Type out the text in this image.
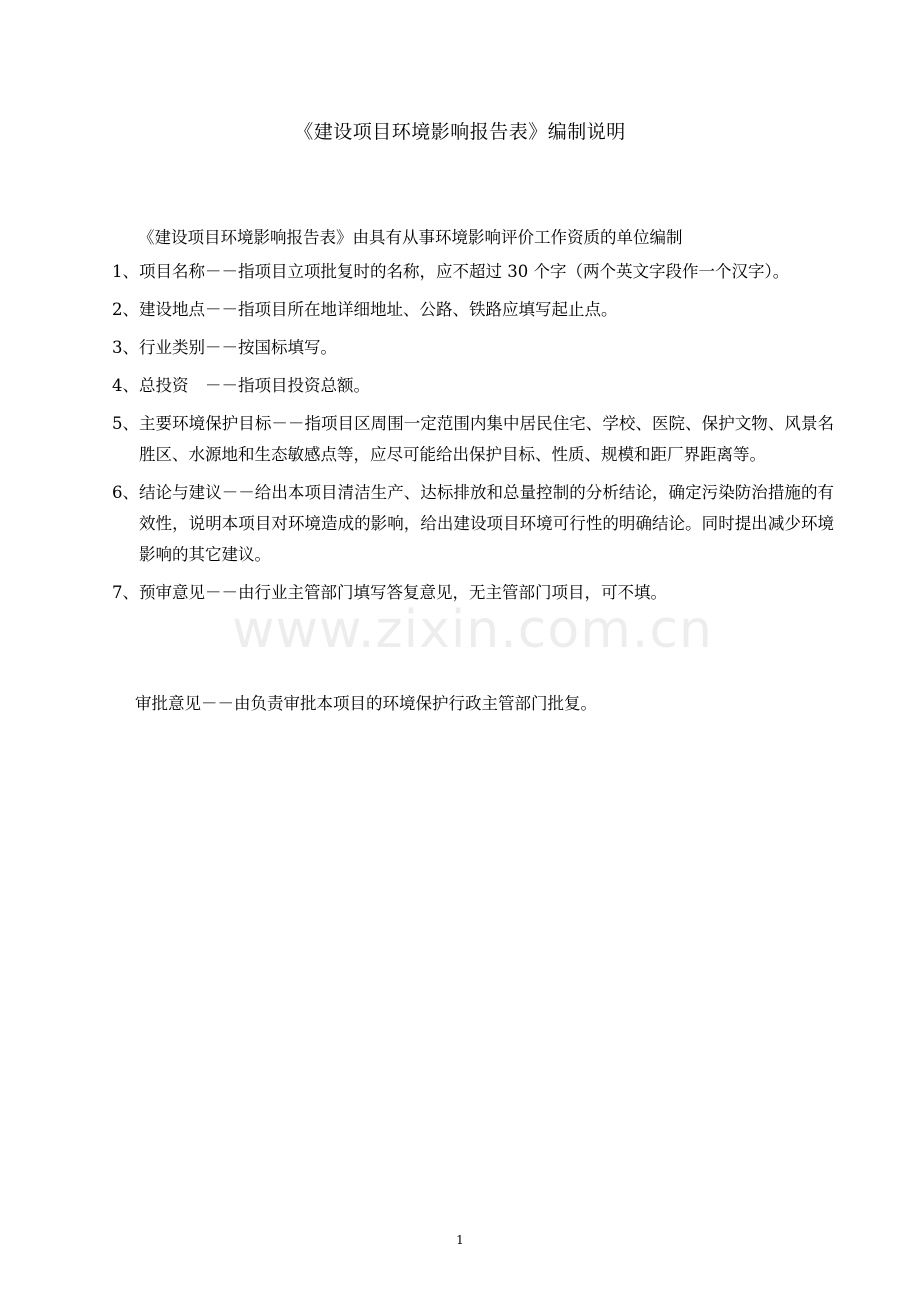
《建设项目环境影响报告表》编制说明
《建设项目环境影响报告表》由具有从事环境影响评价工作资质的单位编制
1、 项目名称－－指项目立项批复时的名称，应不超过 30 个字（两个英文字段作一个汉字）。
2、 建设地点－－指项目所在地详细地址、公路、铁路应填写起止点。
3、 行业类别－－按国标填写。
4、 总投资　－－指项目投资总额。
5、 主要环境保护目标－－指项目区周围一定范围内集中居民住宅、学校、医院、保护文物、风景名胜区、水源地和生态敏感点等，应尽可能给出保护目标、性质、规模和距厂界距离等。
6、 结论与建议－－给出本项目清洁生产、达标排放和总量控制的分析结论，确定污染防治措施的有效性，说明本项目对环境造成的影响，给出建设项目环境可行性的明确结论。同时提出减少环境影响的其它建议。
7、 预审意见－－由行业主管部门填写答复意见，无主管部门项目，可不填。
审批意见－－由负责审批本项目的环境保护行政主管部门批复。
www.zixin.com.cn
1
